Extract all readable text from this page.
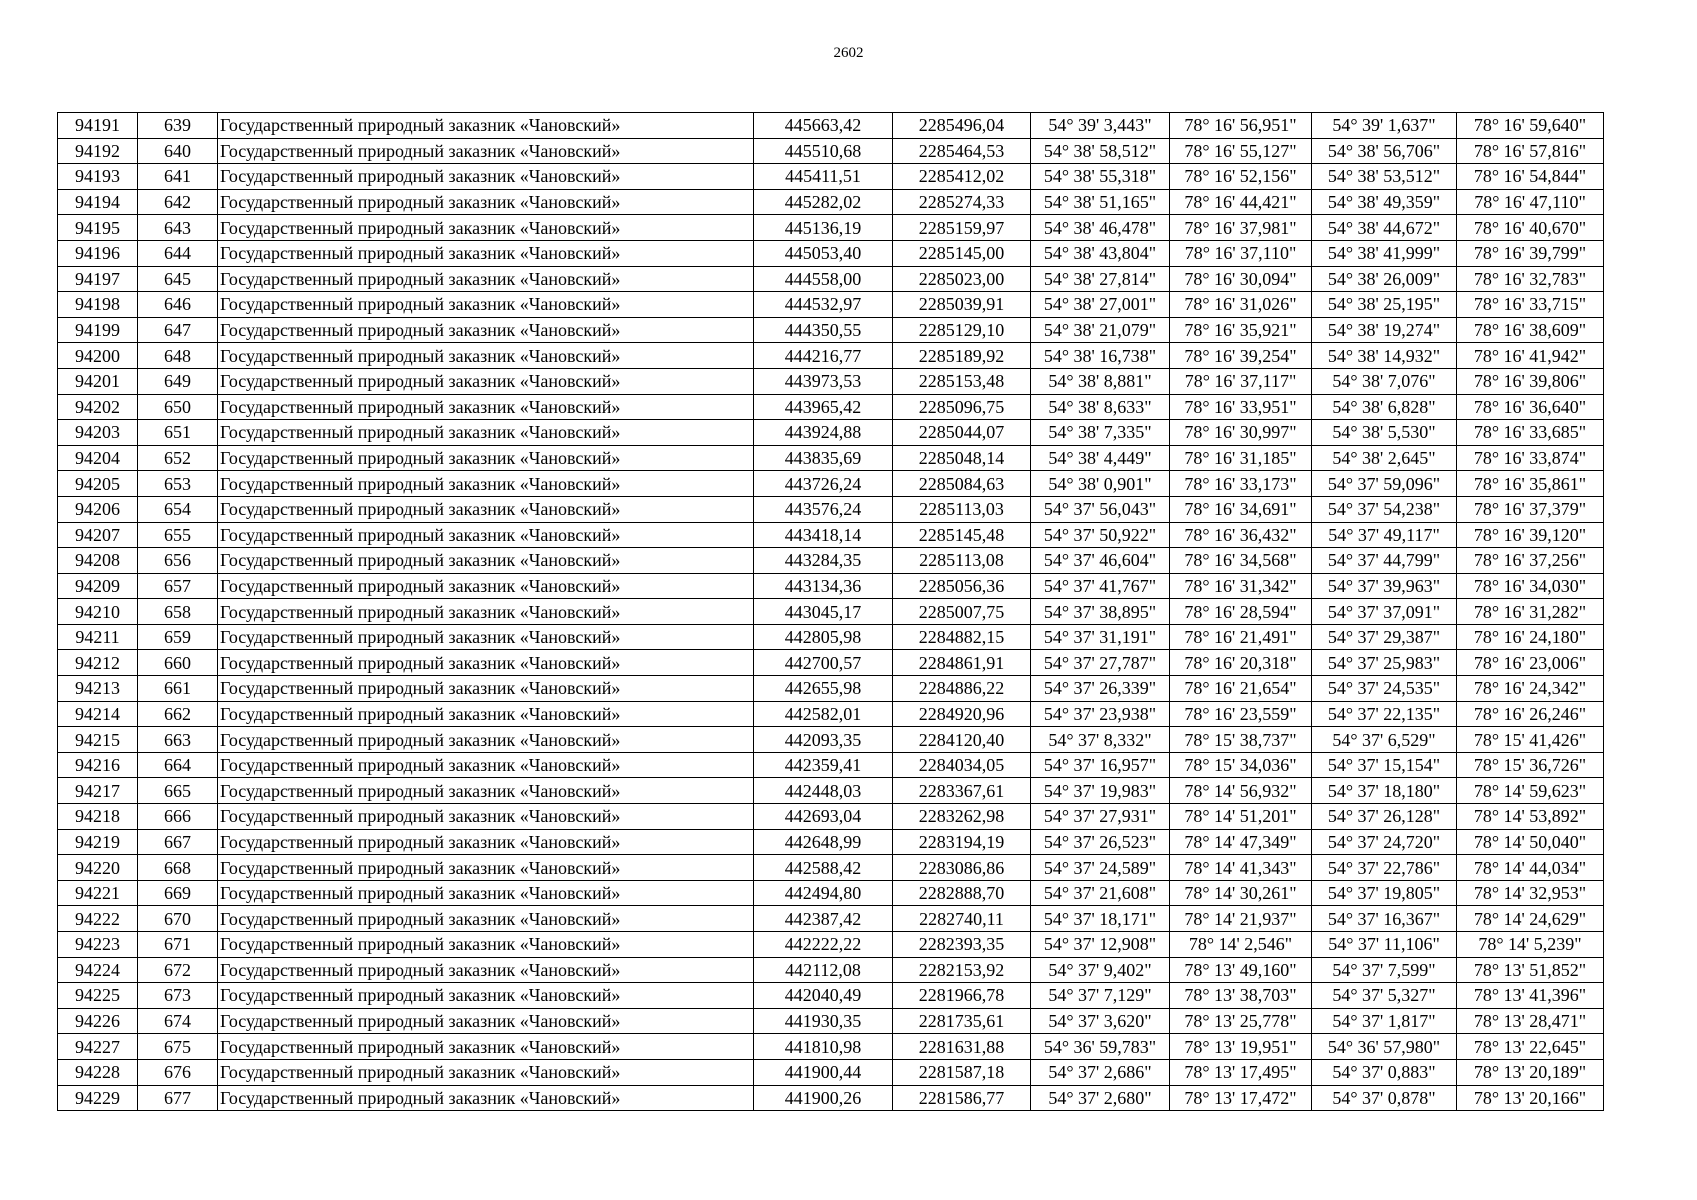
2602
94191	639	Государственный природный заказник «Чановский»	445663,42	2285496,04	54° 39' 3,443"	78° 16' 56,951"	54° 39' 1,637"	78° 16' 59,640"
94192	640	Государственный природный заказник «Чановский»	445510,68	2285464,53	54° 38' 58,512"	78° 16' 55,127"	54° 38' 56,706"	78° 16' 57,816"
94193	641	Государственный природный заказник «Чановский»	445411,51	2285412,02	54° 38' 55,318"	78° 16' 52,156"	54° 38' 53,512"	78° 16' 54,844"
94194	642	Государственный природный заказник «Чановский»	445282,02	2285274,33	54° 38' 51,165"	78° 16' 44,421"	54° 38' 49,359"	78° 16' 47,110"
94195	643	Государственный природный заказник «Чановский»	445136,19	2285159,97	54° 38' 46,478"	78° 16' 37,981"	54° 38' 44,672"	78° 16' 40,670"
94196	644	Государственный природный заказник «Чановский»	445053,40	2285145,00	54° 38' 43,804"	78° 16' 37,110"	54° 38' 41,999"	78° 16' 39,799"
94197	645	Государственный природный заказник «Чановский»	444558,00	2285023,00	54° 38' 27,814"	78° 16' 30,094"	54° 38' 26,009"	78° 16' 32,783"
94198	646	Государственный природный заказник «Чановский»	444532,97	2285039,91	54° 38' 27,001"	78° 16' 31,026"	54° 38' 25,195"	78° 16' 33,715"
94199	647	Государственный природный заказник «Чановский»	444350,55	2285129,10	54° 38' 21,079"	78° 16' 35,921"	54° 38' 19,274"	78° 16' 38,609"
94200	648	Государственный природный заказник «Чановский»	444216,77	2285189,92	54° 38' 16,738"	78° 16' 39,254"	54° 38' 14,932"	78° 16' 41,942"
94201	649	Государственный природный заказник «Чановский»	443973,53	2285153,48	54° 38' 8,881"	78° 16' 37,117"	54° 38' 7,076"	78° 16' 39,806"
94202	650	Государственный природный заказник «Чановский»	443965,42	2285096,75	54° 38' 8,633"	78° 16' 33,951"	54° 38' 6,828"	78° 16' 36,640"
94203	651	Государственный природный заказник «Чановский»	443924,88	2285044,07	54° 38' 7,335"	78° 16' 30,997"	54° 38' 5,530"	78° 16' 33,685"
94204	652	Государственный природный заказник «Чановский»	443835,69	2285048,14	54° 38' 4,449"	78° 16' 31,185"	54° 38' 2,645"	78° 16' 33,874"
94205	653	Государственный природный заказник «Чановский»	443726,24	2285084,63	54° 38' 0,901"	78° 16' 33,173"	54° 37' 59,096"	78° 16' 35,861"
94206	654	Государственный природный заказник «Чановский»	443576,24	2285113,03	54° 37' 56,043"	78° 16' 34,691"	54° 37' 54,238"	78° 16' 37,379"
94207	655	Государственный природный заказник «Чановский»	443418,14	2285145,48	54° 37' 50,922"	78° 16' 36,432"	54° 37' 49,117"	78° 16' 39,120"
94208	656	Государственный природный заказник «Чановский»	443284,35	2285113,08	54° 37' 46,604"	78° 16' 34,568"	54° 37' 44,799"	78° 16' 37,256"
94209	657	Государственный природный заказник «Чановский»	443134,36	2285056,36	54° 37' 41,767"	78° 16' 31,342"	54° 37' 39,963"	78° 16' 34,030"
94210	658	Государственный природный заказник «Чановский»	443045,17	2285007,75	54° 37' 38,895"	78° 16' 28,594"	54° 37' 37,091"	78° 16' 31,282"
94211	659	Государственный природный заказник «Чановский»	442805,98	2284882,15	54° 37' 31,191"	78° 16' 21,491"	54° 37' 29,387"	78° 16' 24,180"
94212	660	Государственный природный заказник «Чановский»	442700,57	2284861,91	54° 37' 27,787"	78° 16' 20,318"	54° 37' 25,983"	78° 16' 23,006"
94213	661	Государственный природный заказник «Чановский»	442655,98	2284886,22	54° 37' 26,339"	78° 16' 21,654"	54° 37' 24,535"	78° 16' 24,342"
94214	662	Государственный природный заказник «Чановский»	442582,01	2284920,96	54° 37' 23,938"	78° 16' 23,559"	54° 37' 22,135"	78° 16' 26,246"
94215	663	Государственный природный заказник «Чановский»	442093,35	2284120,40	54° 37' 8,332"	78° 15' 38,737"	54° 37' 6,529"	78° 15' 41,426"
94216	664	Государственный природный заказник «Чановский»	442359,41	2284034,05	54° 37' 16,957"	78° 15' 34,036"	54° 37' 15,154"	78° 15' 36,726"
94217	665	Государственный природный заказник «Чановский»	442448,03	2283367,61	54° 37' 19,983"	78° 14' 56,932"	54° 37' 18,180"	78° 14' 59,623"
94218	666	Государственный природный заказник «Чановский»	442693,04	2283262,98	54° 37' 27,931"	78° 14' 51,201"	54° 37' 26,128"	78° 14' 53,892"
94219	667	Государственный природный заказник «Чановский»	442648,99	2283194,19	54° 37' 26,523"	78° 14' 47,349"	54° 37' 24,720"	78° 14' 50,040"
94220	668	Государственный природный заказник «Чановский»	442588,42	2283086,86	54° 37' 24,589"	78° 14' 41,343"	54° 37' 22,786"	78° 14' 44,034"
94221	669	Государственный природный заказник «Чановский»	442494,80	2282888,70	54° 37' 21,608"	78° 14' 30,261"	54° 37' 19,805"	78° 14' 32,953"
94222	670	Государственный природный заказник «Чановский»	442387,42	2282740,11	54° 37' 18,171"	78° 14' 21,937"	54° 37' 16,367"	78° 14' 24,629"
94223	671	Государственный природный заказник «Чановский»	442222,22	2282393,35	54° 37' 12,908"	78° 14' 2,546"	54° 37' 11,106"	78° 14' 5,239"
94224	672	Государственный природный заказник «Чановский»	442112,08	2282153,92	54° 37' 9,402"	78° 13' 49,160"	54° 37' 7,599"	78° 13' 51,852"
94225	673	Государственный природный заказник «Чановский»	442040,49	2281966,78	54° 37' 7,129"	78° 13' 38,703"	54° 37' 5,327"	78° 13' 41,396"
94226	674	Государственный природный заказник «Чановский»	441930,35	2281735,61	54° 37' 3,620"	78° 13' 25,778"	54° 37' 1,817"	78° 13' 28,471"
94227	675	Государственный природный заказник «Чановский»	441810,98	2281631,88	54° 36' 59,783"	78° 13' 19,951"	54° 36' 57,980"	78° 13' 22,645"
94228	676	Государственный природный заказник «Чановский»	441900,44	2281587,18	54° 37' 2,686"	78° 13' 17,495"	54° 37' 0,883"	78° 13' 20,189"
94229	677	Государственный природный заказник «Чановский»	441900,26	2281586,77	54° 37' 2,680"	78° 13' 17,472"	54° 37' 0,878"	78° 13' 20,166"
